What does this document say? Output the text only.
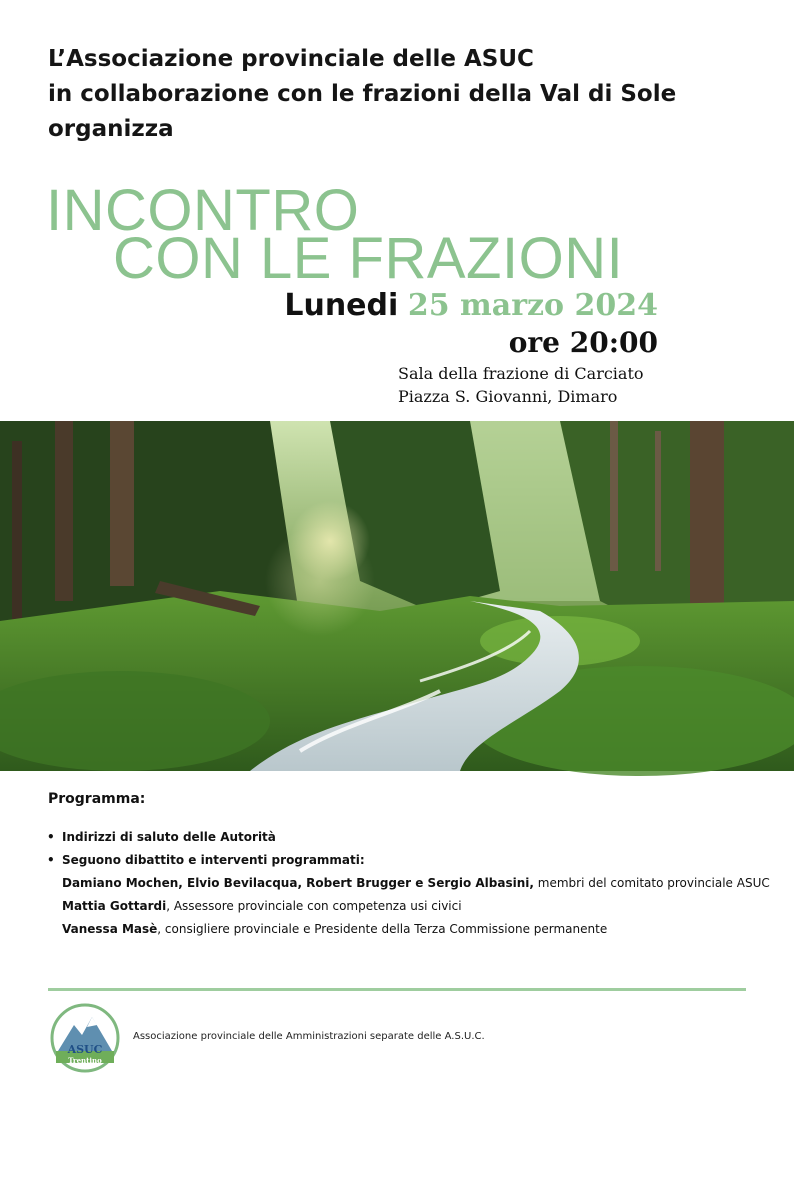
L’Associazione provinciale delle ASUC
in collaborazione con le frazioni della Val di Sole
organizza
INCONTRO
CON LE FRAZIONI
Lunedi 25 marzo 2024
ore 20:00
Sala della frazione di Carciato
Piazza S. Giovanni, Dimaro
IDM Südtirol-Alto Adige/Alex Filz
Programma:
• Indirizzi di saluto delle Autorità
• Seguono dibattito e interventi programmati:
Damiano Mochen, Elvio Bevilacqua, Robert Brugger e Sergio Albasini, membri del comitato provinciale ASUC
Mattia Gottardi, Assessore provinciale con competenza usi civici
Vanessa Masè, consigliere provinciale e Presidente della Terza Commissione permanente
ASUC
Trentino
Associazione provinciale delle Amministrazioni separate delle A.S.U.C.
